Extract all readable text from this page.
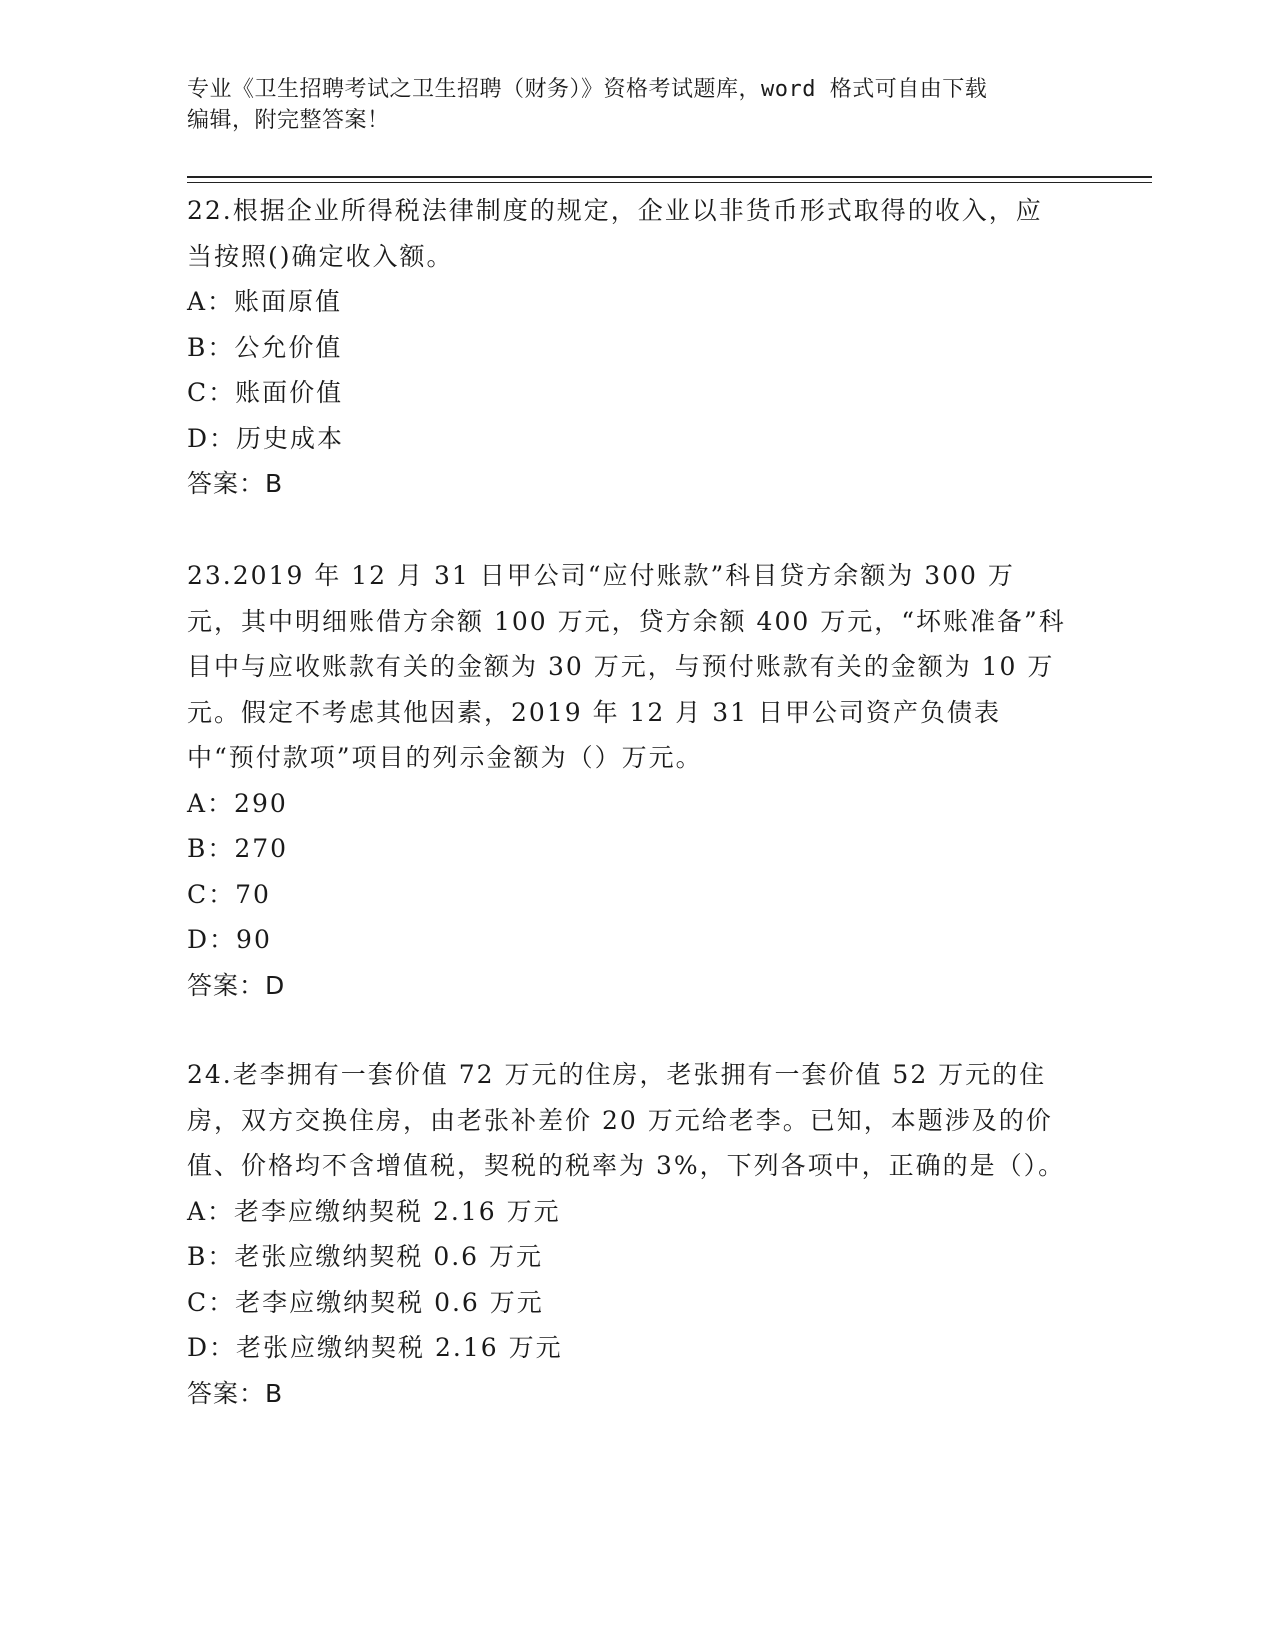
专业《卫生招聘考试之卫生招聘（财务）》资格考试题库，word 格式可自由下载
编辑，附完整答案！

22.根据企业所得税法律制度的规定，企业以非货币形式取得的收入，应当按照()确定收入额。

A：账面原值
B：公允价值
C：账面价值
D：历史成本
答案：B

23.2019 年 12 月 31 日甲公司“应付账款”科目贷方余额为 300 万元，其中明细账借方余额 100 万元，贷方余额 400 万元，“坏账准备”科目中与应收账款有关的金额为 30 万元，与预付账款有关的金额为 10 万元。假定不考虑其他因素，2019 年 12 月 31 日甲公司资产负债表中“预付款项”项目的列示金额为（）万元。

A：290
B：270
C：70
D：90
答案：D

24.老李拥有一套价值 72 万元的住房，老张拥有一套价值 52 万元的住房，双方交换住房，由老张补差价 20 万元给老李。已知，本题涉及的价值、价格均不含增值税，契税的税率为 3%，下列各项中，正确的是（）。

A：老李应缴纳契税 2.16 万元
B：老张应缴纳契税 0.6 万元
C：老李应缴纳契税 0.6 万元
D：老张应缴纳契税 2.16 万元
答案：B
